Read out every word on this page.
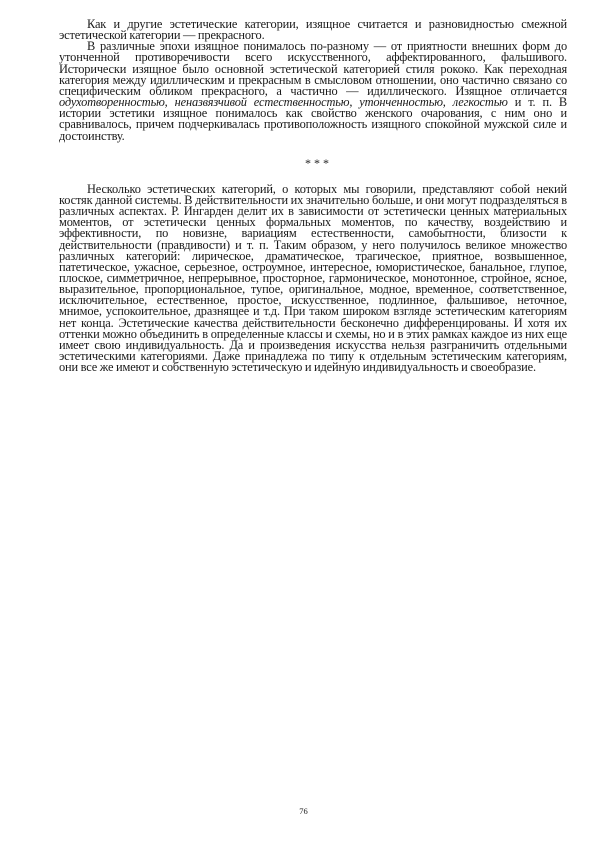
Как и другие эстетические категории, изящное считается и разновидностью смежной эстетической категории — прекрасного.

В различные эпохи изящное понималось по-разному — от приятности внешних форм до утонченной противоречивости всего искусственного, аффектированного, фальшивого. Исторически изящное было основной эстетической категорией стиля рококо. Как переходная категория между идиллическим и прекрасным в смысловом отношении, оно частично связано со специфическим обликом прекрасного, а частично — идиллического. Изящное отличается одухотворенностью, неназвязчивой естественностью, утонченностью, легкостью и т. п. В истории эстетики изящное понималось как свойство женского очарования, с ним оно и сравнивалось, причем подчеркивалась противоположность изящного спокойной мужской силе и достоинству.

* * *

Несколько эстетических категорий, о которых мы говорили, представляют собой некий костяк данной системы. В действительности их значительно больше, и они могут подразделяться в различных аспектах. Р. Ингарден делит их в зависимости от эстетически ценных материальных моментов, от эстетически ценных формальных моментов, по качеству, воздействию и эффективности, по новизне, вариациям естественности, самобытности, близости к действительности (правдивости) и т. п. Таким образом, у него получилось великое множество различных категорий: лирическое, драматическое, трагическое, приятное, возвышенное, патетическое, ужасное, серьезное, остроумное, интересное, юмористическое, банальное, глупое, плоское, симметричное, непрерывное, просторное, гармоническое, монотонное, стройное, ясное, выразительное, пропорциональное, тупое, оригинальное, модное, временное, соответственное, исключительное, естественное, простое, искусственное, подлинное, фальшивое, неточное, мнимое, успокоительное, дразнящее и т.д. При таком широком взгляде эстетическим категориям нет конца. Эстетические качества действительности бесконечно дифференцированы. И хотя их оттенки можно объединить в определенные классы и схемы, но и в этих рамках каждое из них еще имеет свою индивидуальность. Да и произведения искусства нельзя разграничить отдельными эстетическими категориями. Даже принадлежа по типу к отдельным эстетическим категориям, они все же имеют и собственную эстетическую и идейную индивидуальность и своеобразие.

76
